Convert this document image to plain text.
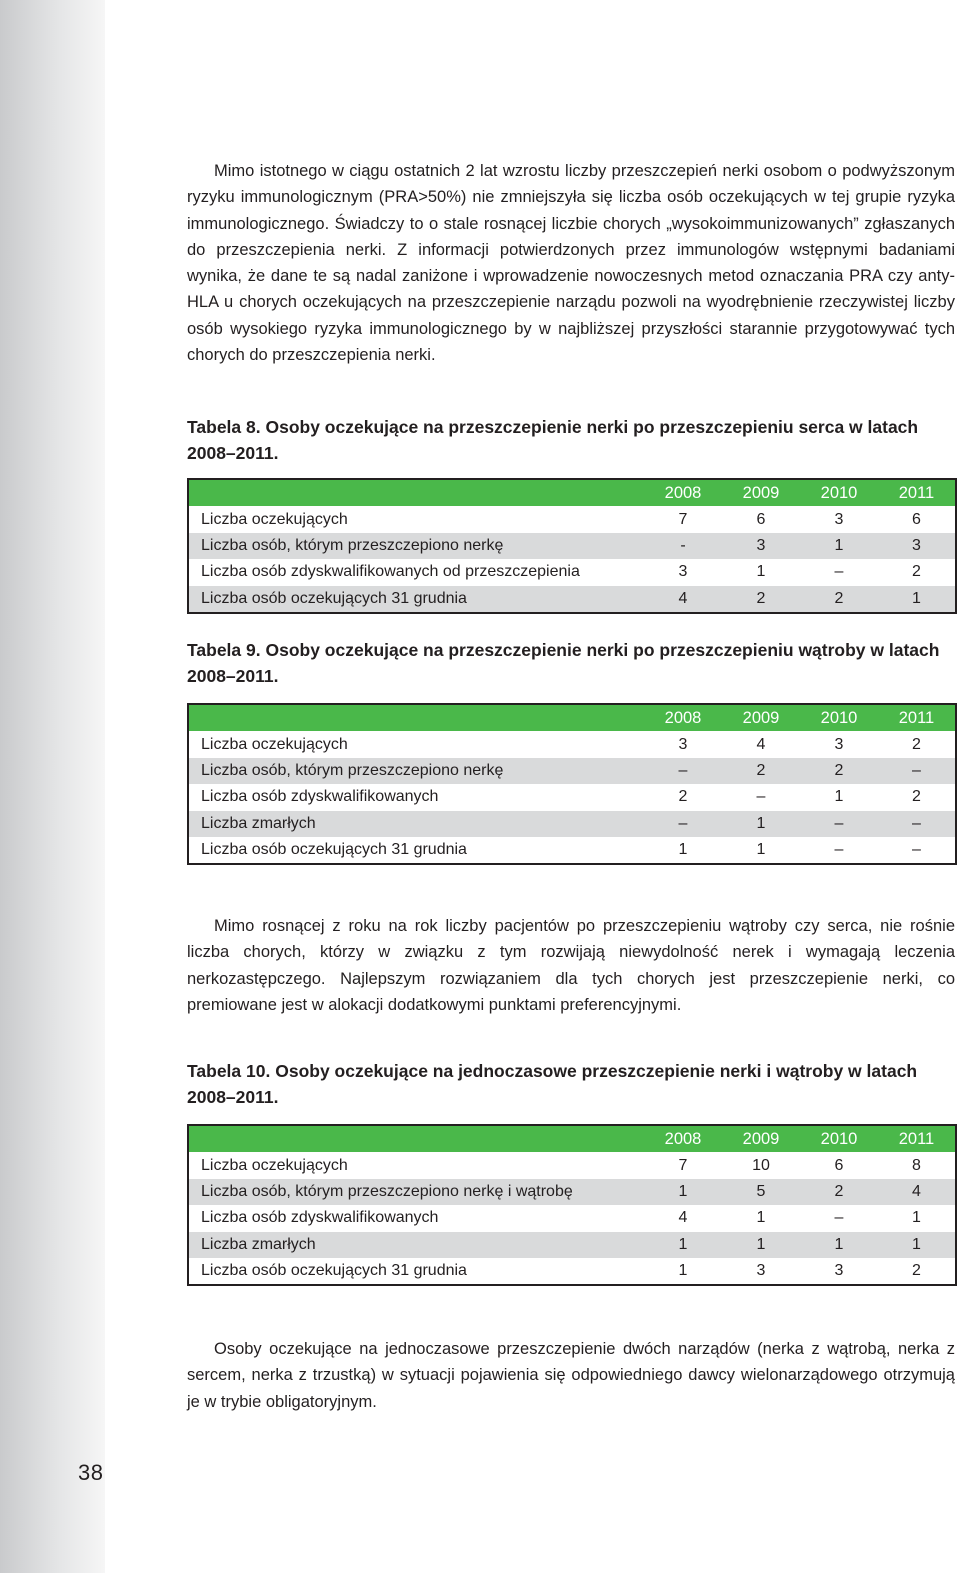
Mimo istotnego w ciągu ostatnich 2 lat wzrostu liczby przeszczepień nerki osobom o podwyższonym ryzyku immunologicznym (PRA>50%) nie zmniejszyła się liczba osób oczekujących w tej grupie ryzyka immunologicznego. Świadczy to o stale rosnącej liczbie chorych „wysokoimmunizowanych” zgłaszanych do przeszczepienia nerki. Z informacji potwierdzonych przez immunologów wstępnymi badaniami wynika, że dane te są nadal zaniżone i wprowadzenie nowoczesnych metod oznaczania PRA czy anty-HLA u chorych oczekujących na przeszczepienie narządu pozwoli na wyodrębnienie rzeczywistej liczby osób wysokiego ryzyka immunologicznego by w najbliższej przyszłości starannie przygotowywać tych chorych do przeszczepienia nerki.

Tabela 8. Osoby oczekujące na przeszczepienie nerki po przeszczepieniu serca w latach 2008–2011.

	2008	2009	2010	2011
Liczba oczekujących	7	6	3	6
Liczba osób, którym przeszczepiono nerkę	-	3	1	3
Liczba osób zdyskwalifikowanych od przeszczepienia	3	1	–	2
Liczba osób oczekujących 31 grudnia	4	2	2	1

Tabela 9. Osoby oczekujące na przeszczepienie nerki po przeszczepieniu wątroby w latach 2008–2011.

	2008	2009	2010	2011
Liczba oczekujących	3	4	3	2
Liczba osób, którym przeszczepiono nerkę	–	2	2	–
Liczba osób zdyskwalifikowanych	2	–	1	2
Liczba zmarłych	–	1	–	–
Liczba osób oczekujących 31 grudnia	1	1	–	–

Mimo rosnącej z roku na rok liczby pacjentów po przeszczepieniu wątroby czy serca, nie rośnie liczba chorych, którzy w związku z tym rozwijają niewydolność nerek i wymagają leczenia nerkozastępczego. Najlepszym rozwiązaniem dla tych chorych jest przeszczepienie nerki, co premiowane jest w alokacji dodatkowymi punktami preferencyjnymi.

Tabela 10. Osoby oczekujące na jednoczasowe przeszczepienie nerki i wątroby w latach 2008–2011.

	2008	2009	2010	2011
Liczba oczekujących	7	10	6	8
Liczba osób, którym przeszczepiono nerkę i wątrobę	1	5	2	4
Liczba osób zdyskwalifikowanych	4	1	–	1
Liczba zmarłych	1	1	1	1
Liczba osób oczekujących 31 grudnia	1	3	3	2

Osoby oczekujące na jednoczasowe przeszczepienie dwóch narządów (nerka z wątrobą, nerka z sercem, nerka z trzustką) w sytuacji pojawienia się odpowiedniego dawcy wielonarządowego otrzymują je w trybie obligatoryjnym.

38
